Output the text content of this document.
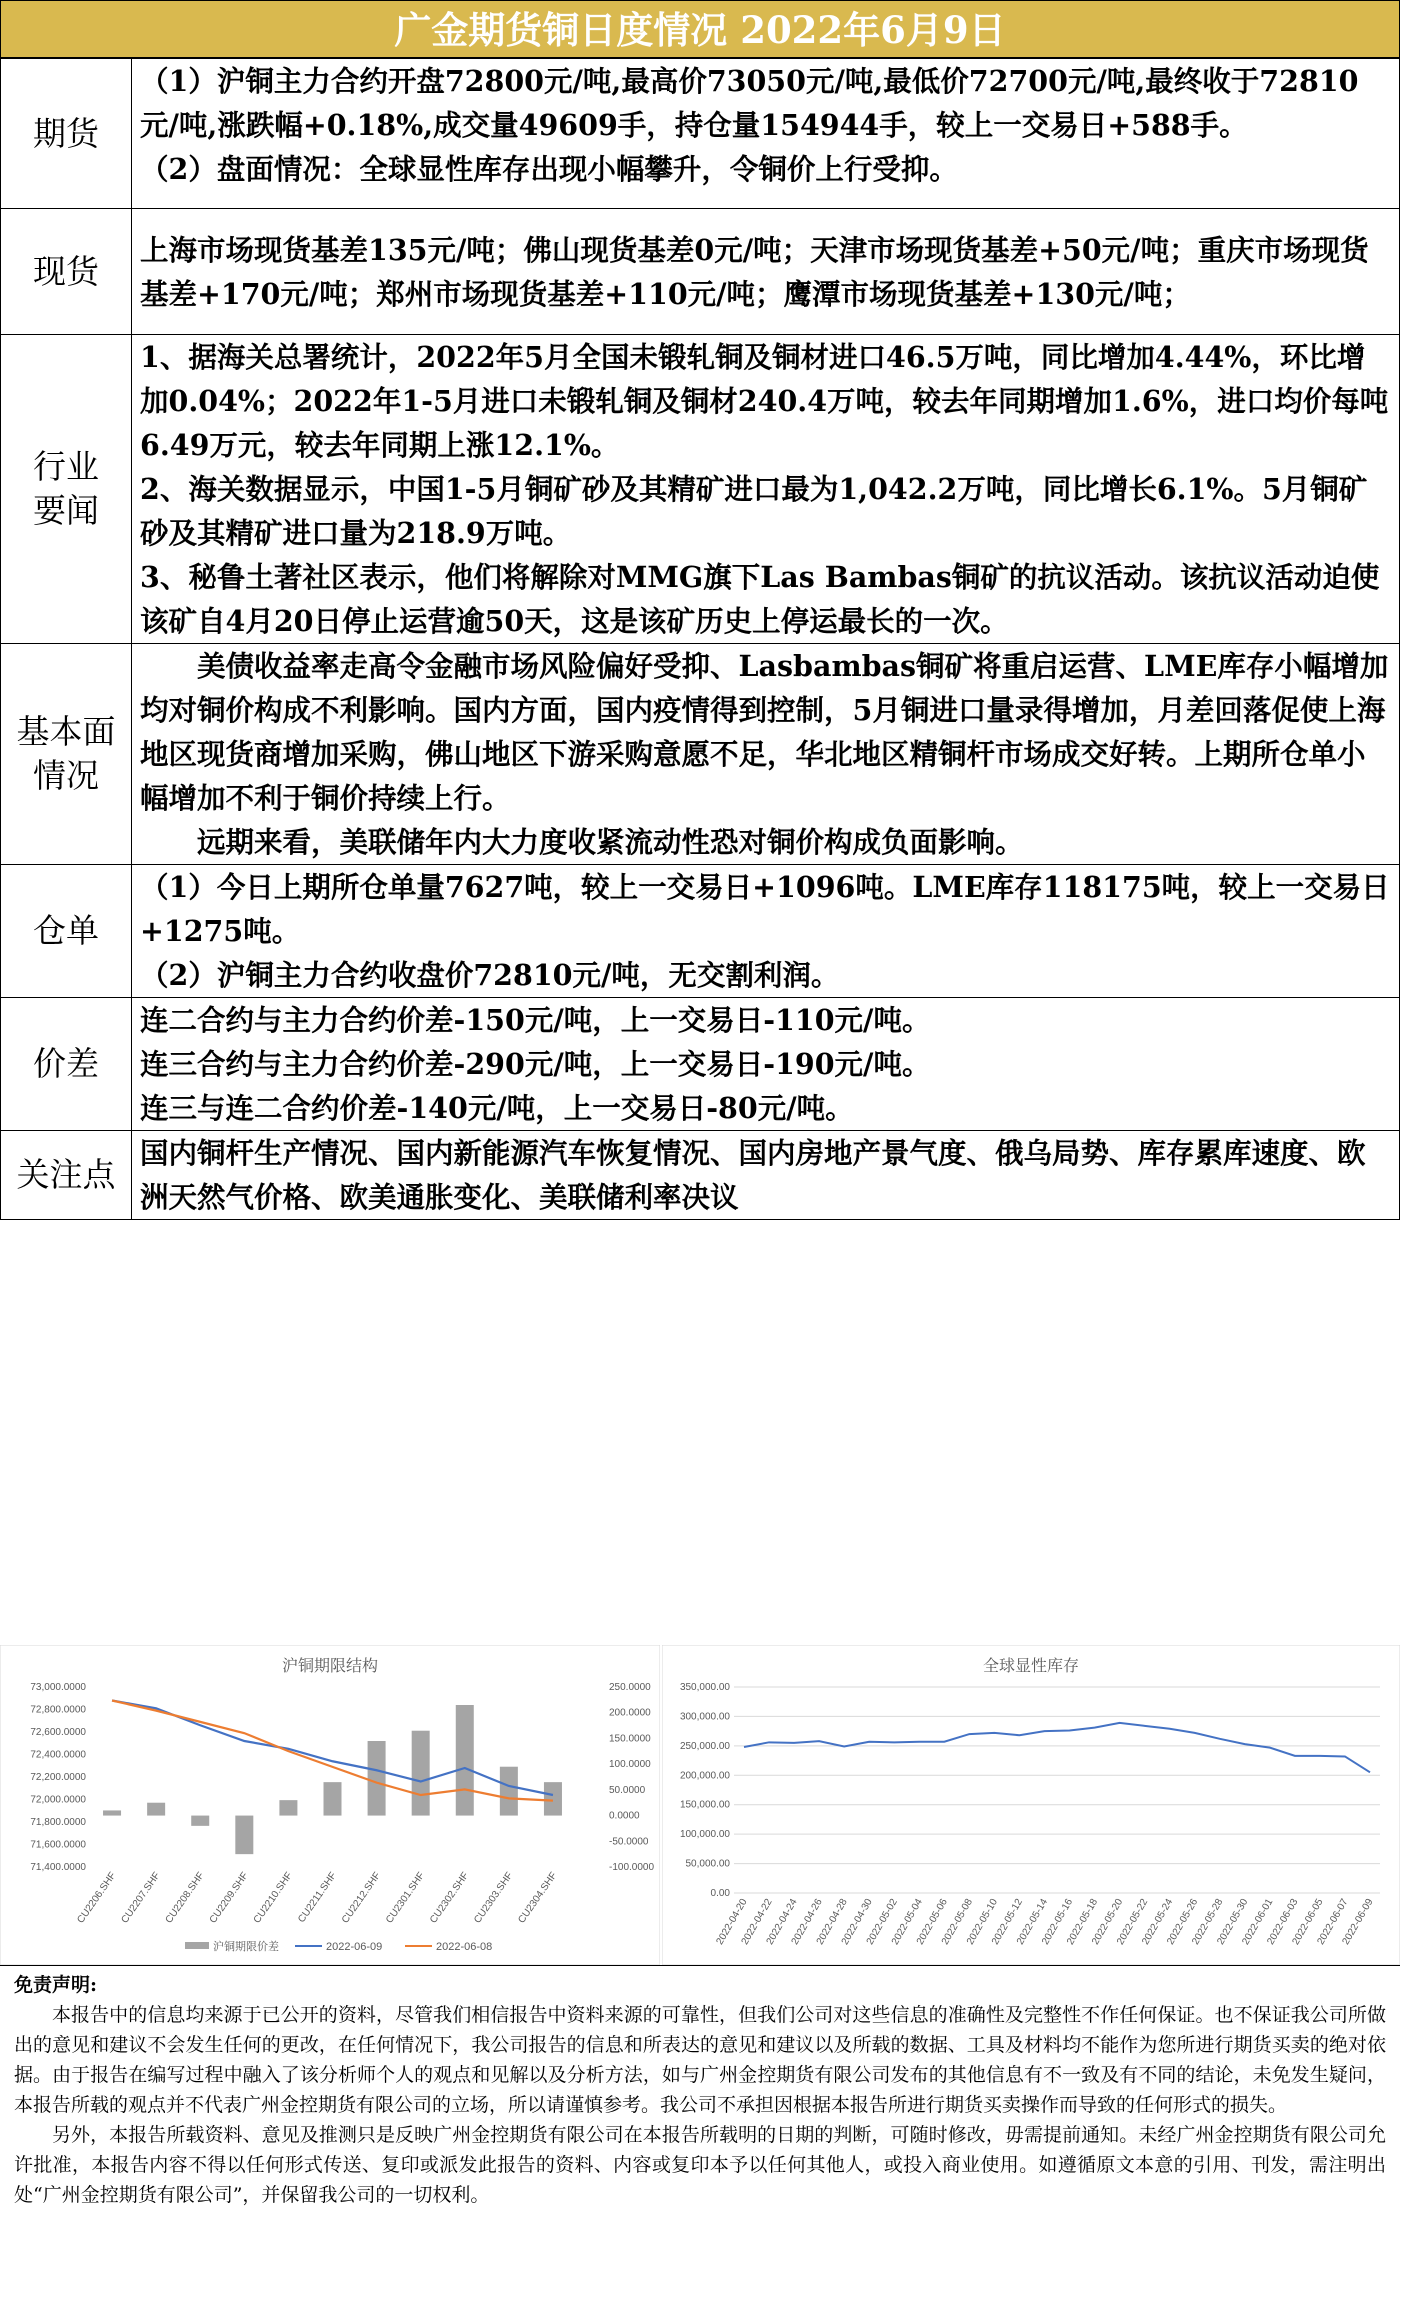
广金期货铜日度情况 2022年6月9日
期货	（1）沪铜主力合约开盘72800元/吨,最高价73050元/吨,最低价72700元/吨,最终收于72810元/吨,涨跌幅+0.18%,成交量49609手，持仓量154944手，较上一交易日+588手。

（2）盘面情况：全球显性库存出现小幅攀升，令铜价上行受抑。

现货	上海市场现货基差135元/吨；佛山现货基差0元/吨；天津市场现货基差+50元/吨；重庆市场现货基差+170元/吨；郑州市场现货基差+110元/吨；鹰潭市场现货基差+130元/吨；

行业要闻	1、据海关总署统计，2022年5月全国未锻轧铜及铜材进口46.5万吨，同比增加4.44%，环比增加0.04%；2022年1-5月进口未锻轧铜及铜材240.4万吨，较去年同期增加1.6%，进口均价每吨6.49万元，较去年同期上涨12.1%。

2、海关数据显示，中国1-5月铜矿砂及其精矿进口最为1,042.2万吨，同比增长6.1%。5月铜矿砂及其精矿进口量为218.9万吨。

3、秘鲁土著社区表示，他们将解除对MMG旗下Las Bambas铜矿的抗议活动。该抗议活动迫使该矿自4月20日停止运营逾50天，这是该矿历史上停运最长的一次。

基本面情况	美债收益率走高令金融市场风险偏好受抑、Lasbambas铜矿将重启运营、LME库存小幅增加均对铜价构成不利影响。国内方面，国内疫情得到控制，5月铜进口量录得增加，月差回落促使上海地区现货商增加采购，佛山地区下游采购意愿不足，华北地区精铜杆市场成交好转。上期所仓单小幅增加不利于铜价持续上行。

远期来看，美联储年内大力度收紧流动性恐对铜价构成负面影响。

仓单	（1）今日上期所仓单量7627吨，较上一交易日+1096吨。LME库存118175吨，较上一交易日+1275吨。

（2）沪铜主力合约收盘价72810元/吨，无交割利润。

价差	连二合约与主力合约价差-150元/吨，上一交易日-110元/吨。

连三合约与主力合约价差-290元/吨，上一交易日-190元/吨。

连三与连二合约价差-140元/吨，上一交易日-80元/吨。

关注点	国内铜杆生产情况、国内新能源汽车恢复情况、国内房地产景气度、俄乌局势、库存累库速度、欧洲天然气价格、欧美通胀变化、美联储利率决议

沪铜期限结构
71,400.0000
71,600.0000
71,800.0000
72,000.0000
72,200.0000
72,400.0000
72,600.0000
72,800.0000
73,000.0000
-100.0000
-50.0000
0.0000
50.0000
100.0000
150.0000
200.0000
250.0000
CU2206.SHF CU2207.SHF CU2208.SHF CU2209.SHF CU2210.SHF CU2211.SHF CU2212.SHF CU2301.SHF CU2302.SHF CU2303.SHF CU2304.SHF
沪铜期限价差	2022-06-09	2022-06-08
全球显性库存
0.00
50,000.00
100,000.00
150,000.00
200,000.00
250,000.00
300,000.00
350,000.00
2022-04-20
2022-04-22
2022-04-24
2022-04-26
2022-04-28
2022-04-30
2022-05-02
2022-05-04
2022-05-06
2022-05-08
2022-05-10
2022-05-12
2022-05-14
2022-05-16
2022-05-18
2022-05-20
2022-05-22
2022-05-24
2022-05-26
2022-05-28
2022-05-30
2022-06-01
2022-06-03
2022-06-05
2022-06-07
2022-06-09
免责声明:

本报告中的信息均来源于已公开的资料，尽管我们相信报告中资料来源的可靠性，但我们公司对这些信息的准确性及完整性不作任何保证。也不保证我公司所做出的意见和建议不会发生任何的更改，在任何情况下，我公司报告的信息和所表达的意见和建议以及所载的数据、工具及材料均不能作为您所进行期货买卖的绝对依据。由于报告在编写过程中融入了该分析师个人的观点和见解以及分析方法，如与广州金控期货有限公司发布的其他信息有不一致及有不同的结论，未免发生疑问，本报告所载的观点并不代表广州金控期货有限公司的立场，所以请谨慎参考。我公司不承担因根据本报告所进行期货买卖操作而导致的任何形式的损失。

另外，本报告所载资料、意见及推测只是反映广州金控期货有限公司在本报告所载明的日期的判断，可随时修改，毋需提前通知。未经广州金控期货有限公司允许批准，本报告内容不得以任何形式传送、复印或派发此报告的资料、内容或复印本予以任何其他人，或投入商业使用。如遵循原文本意的引用、刊发，需注明出处“广州金控期货有限公司”，并保留我公司的一切权利。
